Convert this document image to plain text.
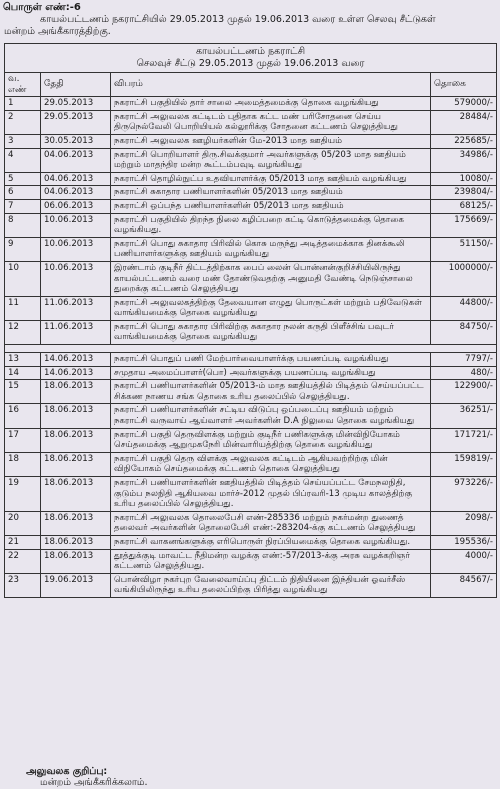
பொருள் எண்:-6
காயல்பட்டணம் நகராட்சியில் 29.05.2013 முதல் 19.06.2013 வரை உள்ள செலவு சீட்டுகள்
மன்றம் அங்கீகாரத்திற்கு.
காயல்பட்டணம் நகராட்சி
செலவுச் சீட்டு 29.05.2013 முதல் 19.06.2013 வரை			

வ. எண்	தேதி	விபரம்	தொகை
1	29.05.2013	நகராட்சி பகுதியில் தார் சாலை அமைத்தமைக்கு தொகை வழங்கியது	579000/-
2	29.05.2013	நகராட்சி அலுவலக கட்டிடம் புதிதாக கட்ட மண் பரிசோதனை செய்ய திருநெல்வேலி பொறியியல் கல்லூரிக்கு சோதனை கட்டணம் செலுத்தியது	28484/-
3	30.05.2013	நகராட்சி அலுவலக ஊழியர்களின் மே-2013 மாத ஊதியம்	225685/-
4	04.06.2013	நகராட்சி பொறியாளர் திரு.சிவக்குமார் அவர்களுக்கு 05/203 மாத ஊதியம் மற்றும் மாதந்திர மன்ற கூட்டம்பவுடி வழங்கியது	34986/-
5	04.06.2013	நகராட்சி தொழில்நுட்ப உதவியாளர்க்கு 05/2013 மாத ஊதியம் வழங்கியது	10080/-
6	04.06.2013	நகராட்சி சுகாதார பணியாளர்களின் 05/2013 மாத ஊதியம்	239804/-
7	06.06.2013	நகராட்சி ஒப்பந்த பணியாளர்களின் 05/2013 மாத ஊதியம்	68125/-
8	10.06.2013	நகராட்சி பகுதியில் திறந்த நிலை கழிப்பறை கட்டி கொடுத்தமைக்கு தொகை வழங்கியது.	175669/-
9	10.06.2013	நகராட்சி பொது சுகாதார பிரிவில் கொசு மருந்து அடித்தமைக்காக தினக்கூலி பணியாளர்களுக்கு ஊதியம் வழங்கியது	51150/-
10	10.06.2013	இரண்டாம் குடிநீர் திட்டத்திற்காக பைப் லைன் பொன்னன்குறிச்சியிலிருந்து காயல்பட்டணம் வரை மண் தோண்டுவதற்கு அனுமதி வேண்டி நெடுஞ்சாலை துறைக்கு கட்டணம் செலுத்தியது	1000000/-
11	11.06.2013	நகராட்சி அலுவலகத்திற்கு தேவையான எழுது பொருட்கள் மற்றும் பதிவேடுகள் வாங்கியமைக்கு தொகை வழங்கியது	44800/-
12	11.06.2013	நகராட்சி பொது சுகாதார பிரிவிற்கு சுகாதார நலன் கருதி பிளீச்சிங் பவுடர் வாங்கியமைக்கு தொகை வழங்கியது	84750/-

13	14.06.2013	நகராட்சி பொதுப் பணி மேற்பார்வையாளர்க்கு பயணப்படி வழங்கியது	7797/-
14	14.06.2013	சமுதாய அமைப்பாளர்(பொ) அவர்களுக்கு பயணப்படி வழங்கியது	480/-
15	18.06.2013	நகராட்சி பணியாளர்களின் 05/2013-ம் மாத ஊதியத்தில் பிடித்தம் செய்யப்பட்ட சிக்கண நாணய சங்க தொகை உரிய தலைப்பில் செலுத்தியது.	122900/-
16	18.06.2013	நகராட்சி பணியாளர்களின் சட்டிய விடுப்பு ஒப்படைப்பு ஊதியம் மற்றும் நகராட்சி வருவாய் ஆய்வாளர் அவர்களின் D.A நிலுவை தொகை வழங்கியது	36251/-
17	18.06.2013	நகராட்சி பகுதி தெருவிளக்கு மற்றும் குடிநீர் பணிகளுக்கு மின்விநியோகம் செய்தமைக்கு ஆறுமுகநேரி மின்வாரியத்திற்கு தொகை வழங்கியது	171721/-
18	18.06.2013	நகராட்சி பகுதி தெரு விளக்கு அலுவலக கட்டிடம் ஆகியவற்றிற்கு மின் விநியோகம் செய்தமைக்கு கட்டணம் தொகை செலுத்தியது	159819/-
19	18.06.2013	நகராட்சி பணியாளர்களின் ஊதியத்தில் பிடித்தம் செய்யப்பட்ட சேமநலநிதி, குடும்ப நலநிதி ஆகியவை மார்ச்-2012 முதல் பிப்ரவரி-13 முடிய காலத்திற்கு உரிய தலைப்பில் செலுத்தியது.	973226/-
20	18.06.2013	நகராட்சி அலுவலக தொலைபேசி எண்-285336 மற்றும் நகர்மன்ற துணைத் தலைவர் அவர்களின் தொலைபேசி எண்:-283204-க்கு கட்டணம் செலுத்தியது	2098/-
21	18.06.2013	நகராட்சி வாகனங்களுக்கு எரிபொருள் நிரப்பியமைக்கு தொகை வழங்கியது.	195536/-
22	18.06.2013	தூத்துக்குடி மாவட்ட நீதிமன்ற வழக்கு எண்:-57/2013-க்கு அரசு வழக்கறிஞர் கட்டணம் செலுத்தியது.	4000/-
23	19.06.2013	பொன்விழா நகர்புற வேலைவாய்ப்பு திட்டம் நிதியினை இந்தியன் ஓவர்சீஸ் வங்கியிலிருந்து உரிய தலைப்பிற்கு பிரித்து வழங்கியது	84567/-
அலுவலக குறிப்பு:
மன்றம் அங்கீகரிக்கலாம்.
